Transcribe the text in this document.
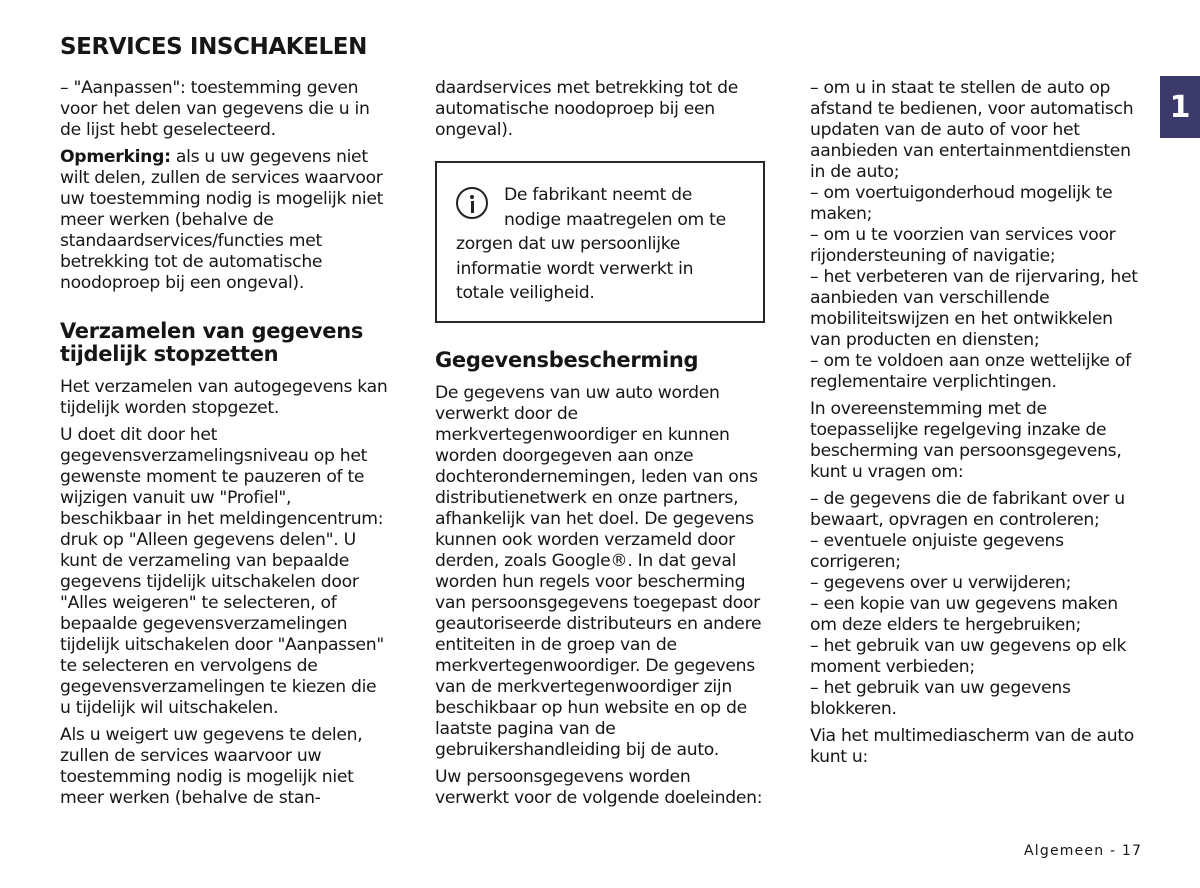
SERVICES INSCHAKELEN
1

– "Aanpassen": toestemming geven voor het delen van gegevens die u in de lijst hebt geselecteerd.

Opmerking: als u uw gegevens niet wilt delen, zullen de services waarvoor uw toestemming nodig is mogelijk niet meer werken (behalve de standaardservices/functies met betrekking tot de automatische noodoproep bij een ongeval).

Verzamelen van gegevens tijdelijk stopzetten

Het verzamelen van autogegevens kan tijdelijk worden stopgezet.

U doet dit door het gegevensverzamelingsniveau op het gewenste moment te pauzeren of te wijzigen vanuit uw "Profiel", beschikbaar in het meldingencentrum: druk op "Alleen gegevens delen". U kunt de verzameling van bepaalde gegevens tijdelijk uitschakelen door "Alles weigeren" te selecteren, of bepaalde gegevensverzamelingen tijdelijk uitschakelen door "Aanpassen" te selecteren en vervolgens de gegevensverzamelingen te kiezen die u tijdelijk wil uitschakelen.

Als u weigert uw gegevens te delen, zullen de services waarvoor uw toestemming nodig is mogelijk niet meer werken (behalve de stan-

daardservices met betrekking tot de automatische noodoproep bij een ongeval).

De fabrikant neemt de nodige maatregelen om te zorgen dat uw persoonlijke informatie wordt verwerkt in totale veiligheid.
Gegevensbescherming

De gegevens van uw auto worden verwerkt door de merkvertegenwoordiger en kunnen worden doorgegeven aan onze dochterondernemingen, leden van ons distributienetwerk en onze partners, afhankelijk van het doel. De gegevens kunnen ook worden verzameld door derden, zoals Google®. In dat geval worden hun regels voor bescherming van persoonsgegevens toegepast door geautoriseerde distributeurs en andere entiteiten in de groep van de merkvertegenwoordiger. De gegevens van de merkvertegenwoordiger zijn beschikbaar op hun website en op de laatste pagina van de gebruikershandleiding bij de auto.

Uw persoonsgegevens worden verwerkt voor de volgende doeleinden:

– om u in staat te stellen de auto op afstand te bedienen, voor automatisch updaten van de auto of voor het aanbieden van entertainmentdiensten in de auto;
– om voertuigonderhoud mogelijk te maken;
– om u te voorzien van services voor rijondersteuning of navigatie;
– het verbeteren van de rijervaring, het aanbieden van verschillende mobiliteitswijzen en het ontwikkelen van producten en diensten;
– om te voldoen aan onze wettelijke of reglementaire verplichtingen.

In overeenstemming met de toepasselijke regelgeving inzake de bescherming van persoonsgegevens, kunt u vragen om:

– de gegevens die de fabrikant over u bewaart, opvragen en controleren;
– eventuele onjuiste gegevens corrigeren;
– gegevens over u verwijderen;
– een kopie van uw gegevens maken om deze elders te hergebruiken;
– het gebruik van uw gegevens op elk moment verbieden;
– het gebruik van uw gegevens blokkeren.

Via het multimediascherm van de auto kunt u:

Algemeen - 17
